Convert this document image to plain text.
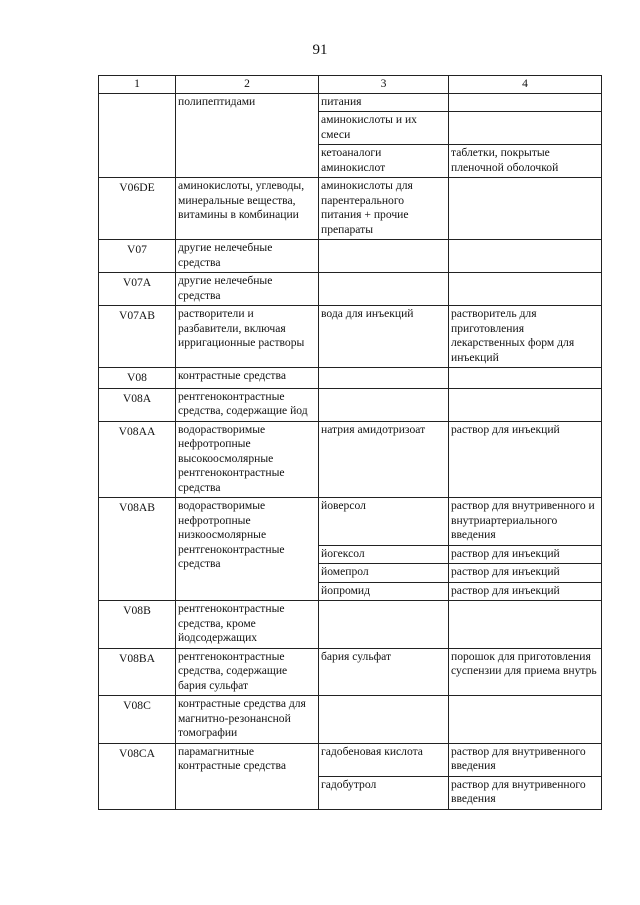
91
1	2	3	4
	полипептидами	питания	
		аминокислоты и их смеси	
		кетоаналоги аминокислот	таблетки, покрытые пленочной оболочкой
V06DE	аминокислоты, углеводы, минеральные вещества, витамины в комбинации	аминокислоты для парентерального питания + прочие препараты	
V07	другие нелечебные средства		
V07A	другие нелечебные средства		
V07AB	растворители и разбавители, включая ирригационные растворы	вода для инъекций	растворитель для приготовления лекарственных форм для инъекций
V08	контрастные средства		
V08A	рентгеноконтрастные средства, содержащие йод		
V08AA	водорастворимые нефротропные высокоосмолярные рентгеноконтрастные средства	натрия амидотризоат	раствор для инъекций
V08AB	водорастворимые нефротропные низкоосмолярные рентгеноконтрастные средства	йоверсол	раствор для внутривенного и внутриартериального введения
		йогексол	раствор для инъекций
		йомепрол	раствор для инъекций
		йопромид	раствор для инъекций
V08B	рентгеноконтрастные средства, кроме йодсодержащих		
V08BA	рентгеноконтрастные средства, содержащие бария сульфат	бария сульфат	порошок для приготовления суспензии для приема внутрь
V08C	контрастные средства для магнитно-резонансной томографии		
V08CA	парамагнитные контрастные средства	гадобеновая кислота	раствор для внутривенного введения
		гадобутрол	раствор для внутривенного введения
